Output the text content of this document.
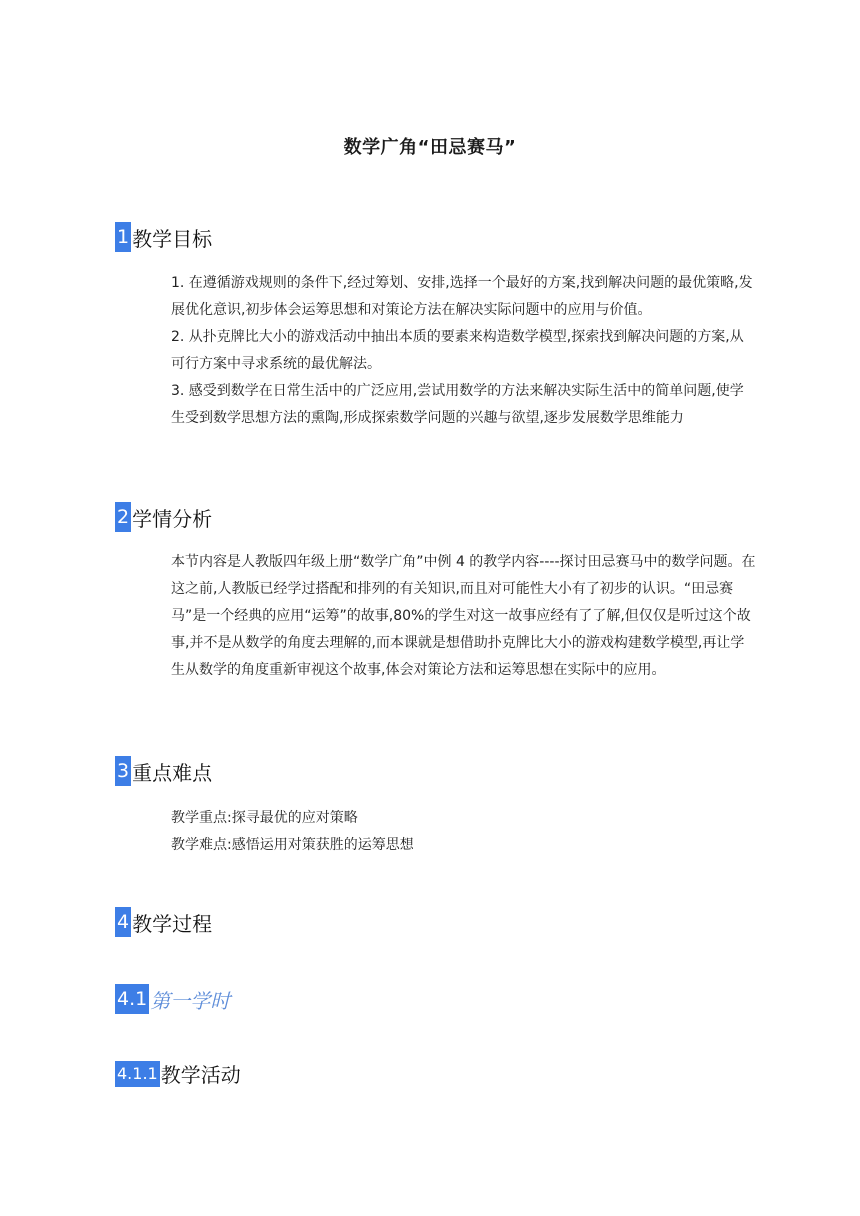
数学广角“田忌赛马”
1 教学目标

1. 在遵循游戏规则的条件下,经过筹划、安排,选择一个最好的方案,找到解决问题的最优策略,发展优化意识,初步体会运筹思想和对策论方法在解决实际问题中的应用与价值。

2. 从扑克牌比大小的游戏活动中抽出本质的要素来构造数学模型,探索找到解决问题的方案,从可行方案中寻求系统的最优解法。

3. 感受到数学在日常生活中的广泛应用,尝试用数学的方法来解决实际生活中的简单问题,使学生受到数学思想方法的熏陶,形成探索数学问题的兴趣与欲望,逐步发展数学思维能力

2 学情分析

本节内容是人教版四年级上册“数学广角”中例 4 的教学内容----探讨田忌赛马中的数学问题。在这之前,人教版已经学过搭配和排列的有关知识,而且对可能性大小有了初步的认识。“田忌赛马”是一个经典的应用“运筹”的故事,80%的学生对这一故事应经有了了解,但仅仅是听过这个故事,并不是从数学的角度去理解的,而本课就是想借助扑克牌比大小的游戏构建数学模型,再让学生从数学的角度重新审视这个故事,体会对策论方法和运筹思想在实际中的应用。

3 重点难点

教学重点:探寻最优的应对策略

教学难点:感悟运用对策获胜的运筹思想

4 教学过程
4.1 第一学时
4.1.1 教学活动
